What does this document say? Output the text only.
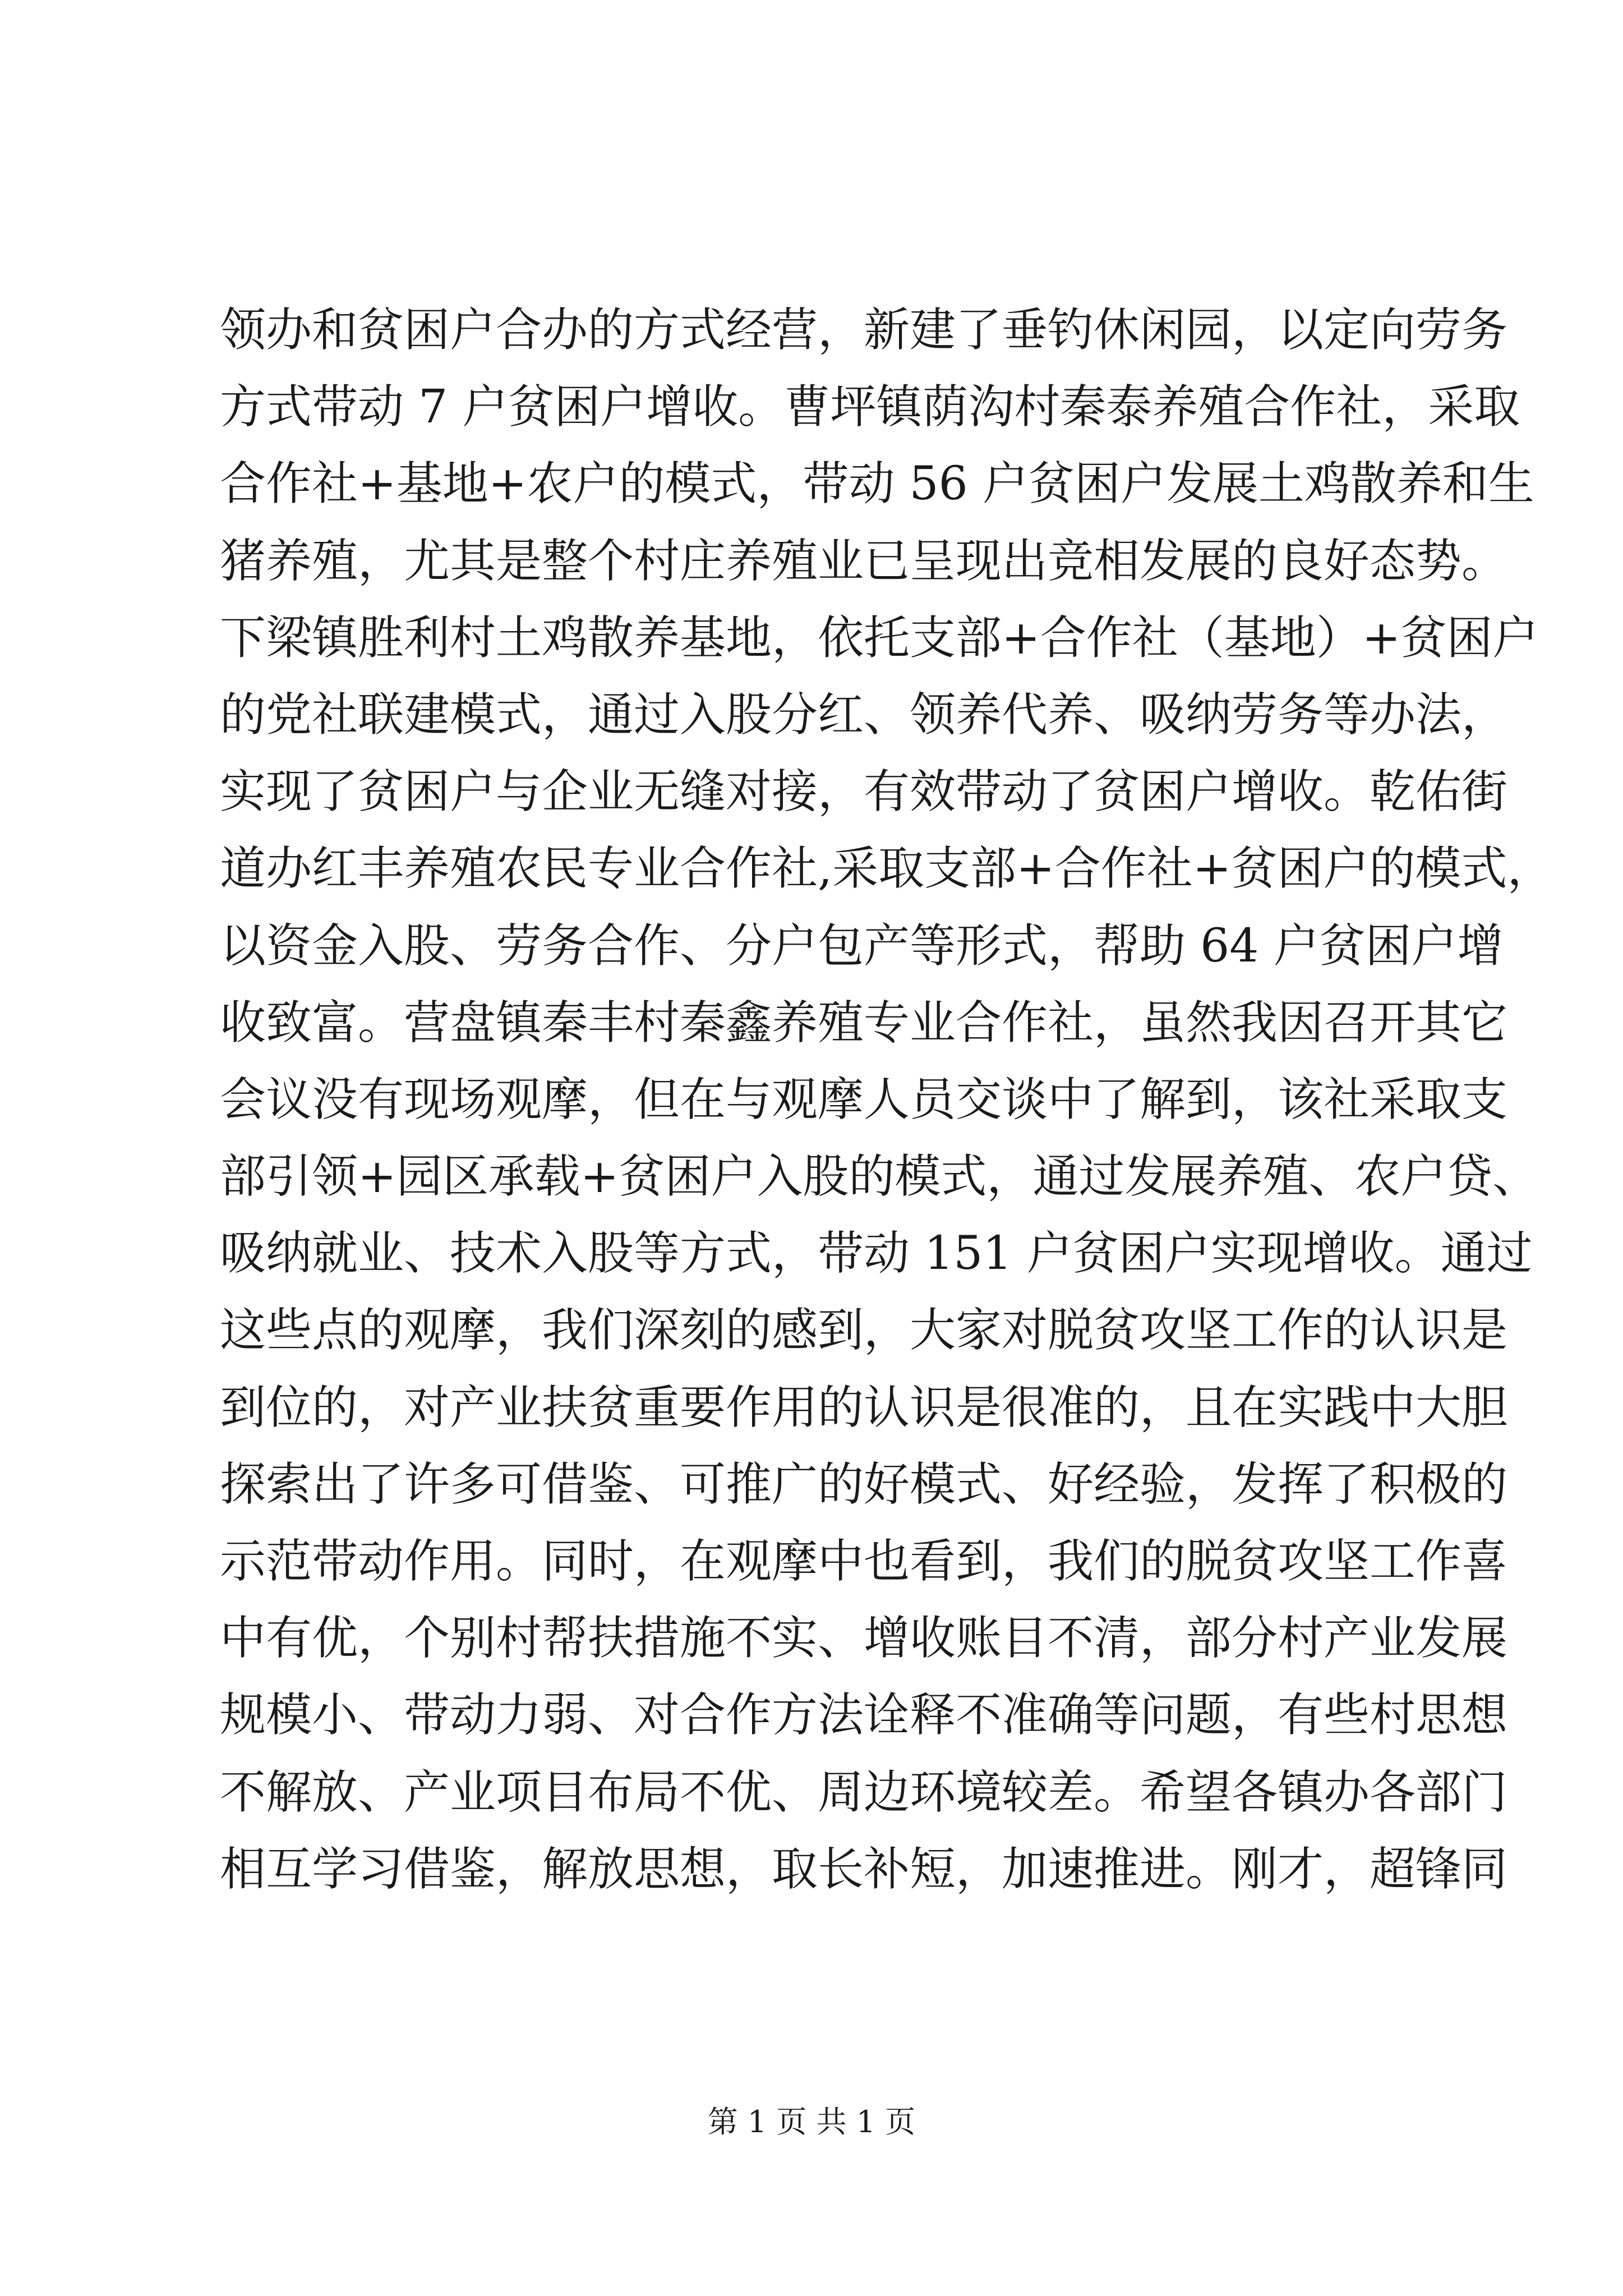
领办和贫困户合办的方式经营，新建了垂钓休闲园，以定向劳务
方式带动 7 户贫困户增收。曹坪镇荫沟村秦泰养殖合作社，采取
合作社+基地+农户的模式，带动 56 户贫困户发展土鸡散养和生
猪养殖，尤其是整个村庄养殖业已呈现出竞相发展的良好态势。
下梁镇胜利村土鸡散养基地，依托支部+合作社（基地）+贫困户
的党社联建模式，通过入股分红、领养代养、吸纳劳务等办法，
实现了贫困户与企业无缝对接，有效带动了贫困户增收。乾佑街
道办红丰养殖农民专业合作社,采取支部+合作社+贫困户的模式，
以资金入股、劳务合作、分户包产等形式，帮助 64 户贫困户增
收致富。营盘镇秦丰村秦鑫养殖专业合作社，虽然我因召开其它
会议没有现场观摩，但在与观摩人员交谈中了解到，该社采取支
部引领+园区承载+贫困户入股的模式，通过发展养殖、农户贷、
吸纳就业、技术入股等方式，带动 151 户贫困户实现增收。通过
这些点的观摩，我们深刻的感到，大家对脱贫攻坚工作的认识是
到位的，对产业扶贫重要作用的认识是很准的，且在实践中大胆
探索出了许多可借鉴、可推广的好模式、好经验，发挥了积极的
示范带动作用。同时，在观摩中也看到，我们的脱贫攻坚工作喜
中有优，个别村帮扶措施不实、增收账目不清，部分村产业发展
规模小、带动力弱、对合作方法诠释不准确等问题，有些村思想
不解放、产业项目布局不优、周边环境较差。希望各镇办各部门
相互学习借鉴，解放思想，取长补短，加速推进。刚才，超锋同
第 1 页 共 1 页
